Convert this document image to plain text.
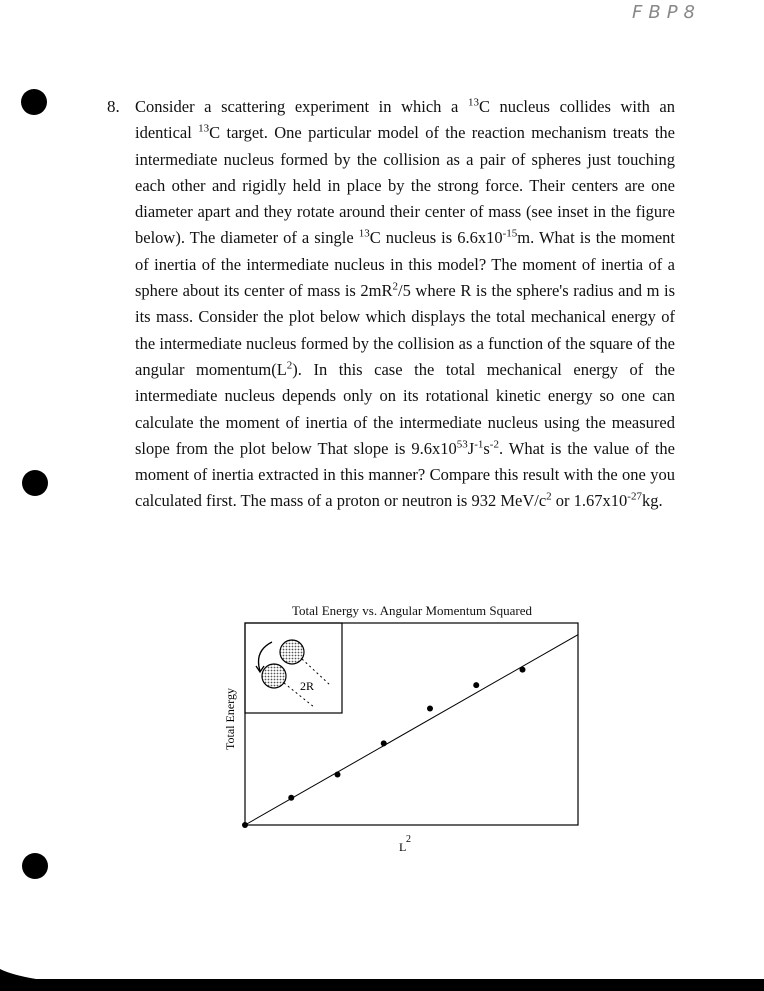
FBP8
8. Consider a scattering experiment in which a $^{13}$C nucleus collides with an identical $^{13}$C target. One particular model of the reaction mechanism treats the intermediate nucleus formed by the collision as a pair of spheres just touching each other and rigidly held in place by the strong force. Their centers are one diameter apart and they rotate around their center of mass (see inset in the figure below). The diameter of a single $^{13}$C nucleus is $6.6x10^{-15}m$. What is the moment of inertia of the intermediate nucleus in this model? The moment of inertia of a sphere about its center of mass is $2mR^2/5$ where R is the sphere's radius and m is its mass. Consider the plot below which displays the total mechanical energy of the intermediate nucleus formed by the collision as a function of the square of the angular $momentum(L^2)$. In this case the total mechanical energy of the intermediate nucleus depends only on its rotational kinetic energy so one can calculate the moment of inertia of the intermediate nucleus using the measured slope from the plot below That slope is $9.6x10^{53}J^{-1}s^{-2}$. What is the value of the moment of inertia extracted in this manner? Compare this result with the one you calculated first. The mass of a proton or neutron is 932 MeV/$c^2$ or $1.67x10^{-27}kg$.
Total Energy vs. Angular Momentum Squared
2R
Total Energy
L
2
